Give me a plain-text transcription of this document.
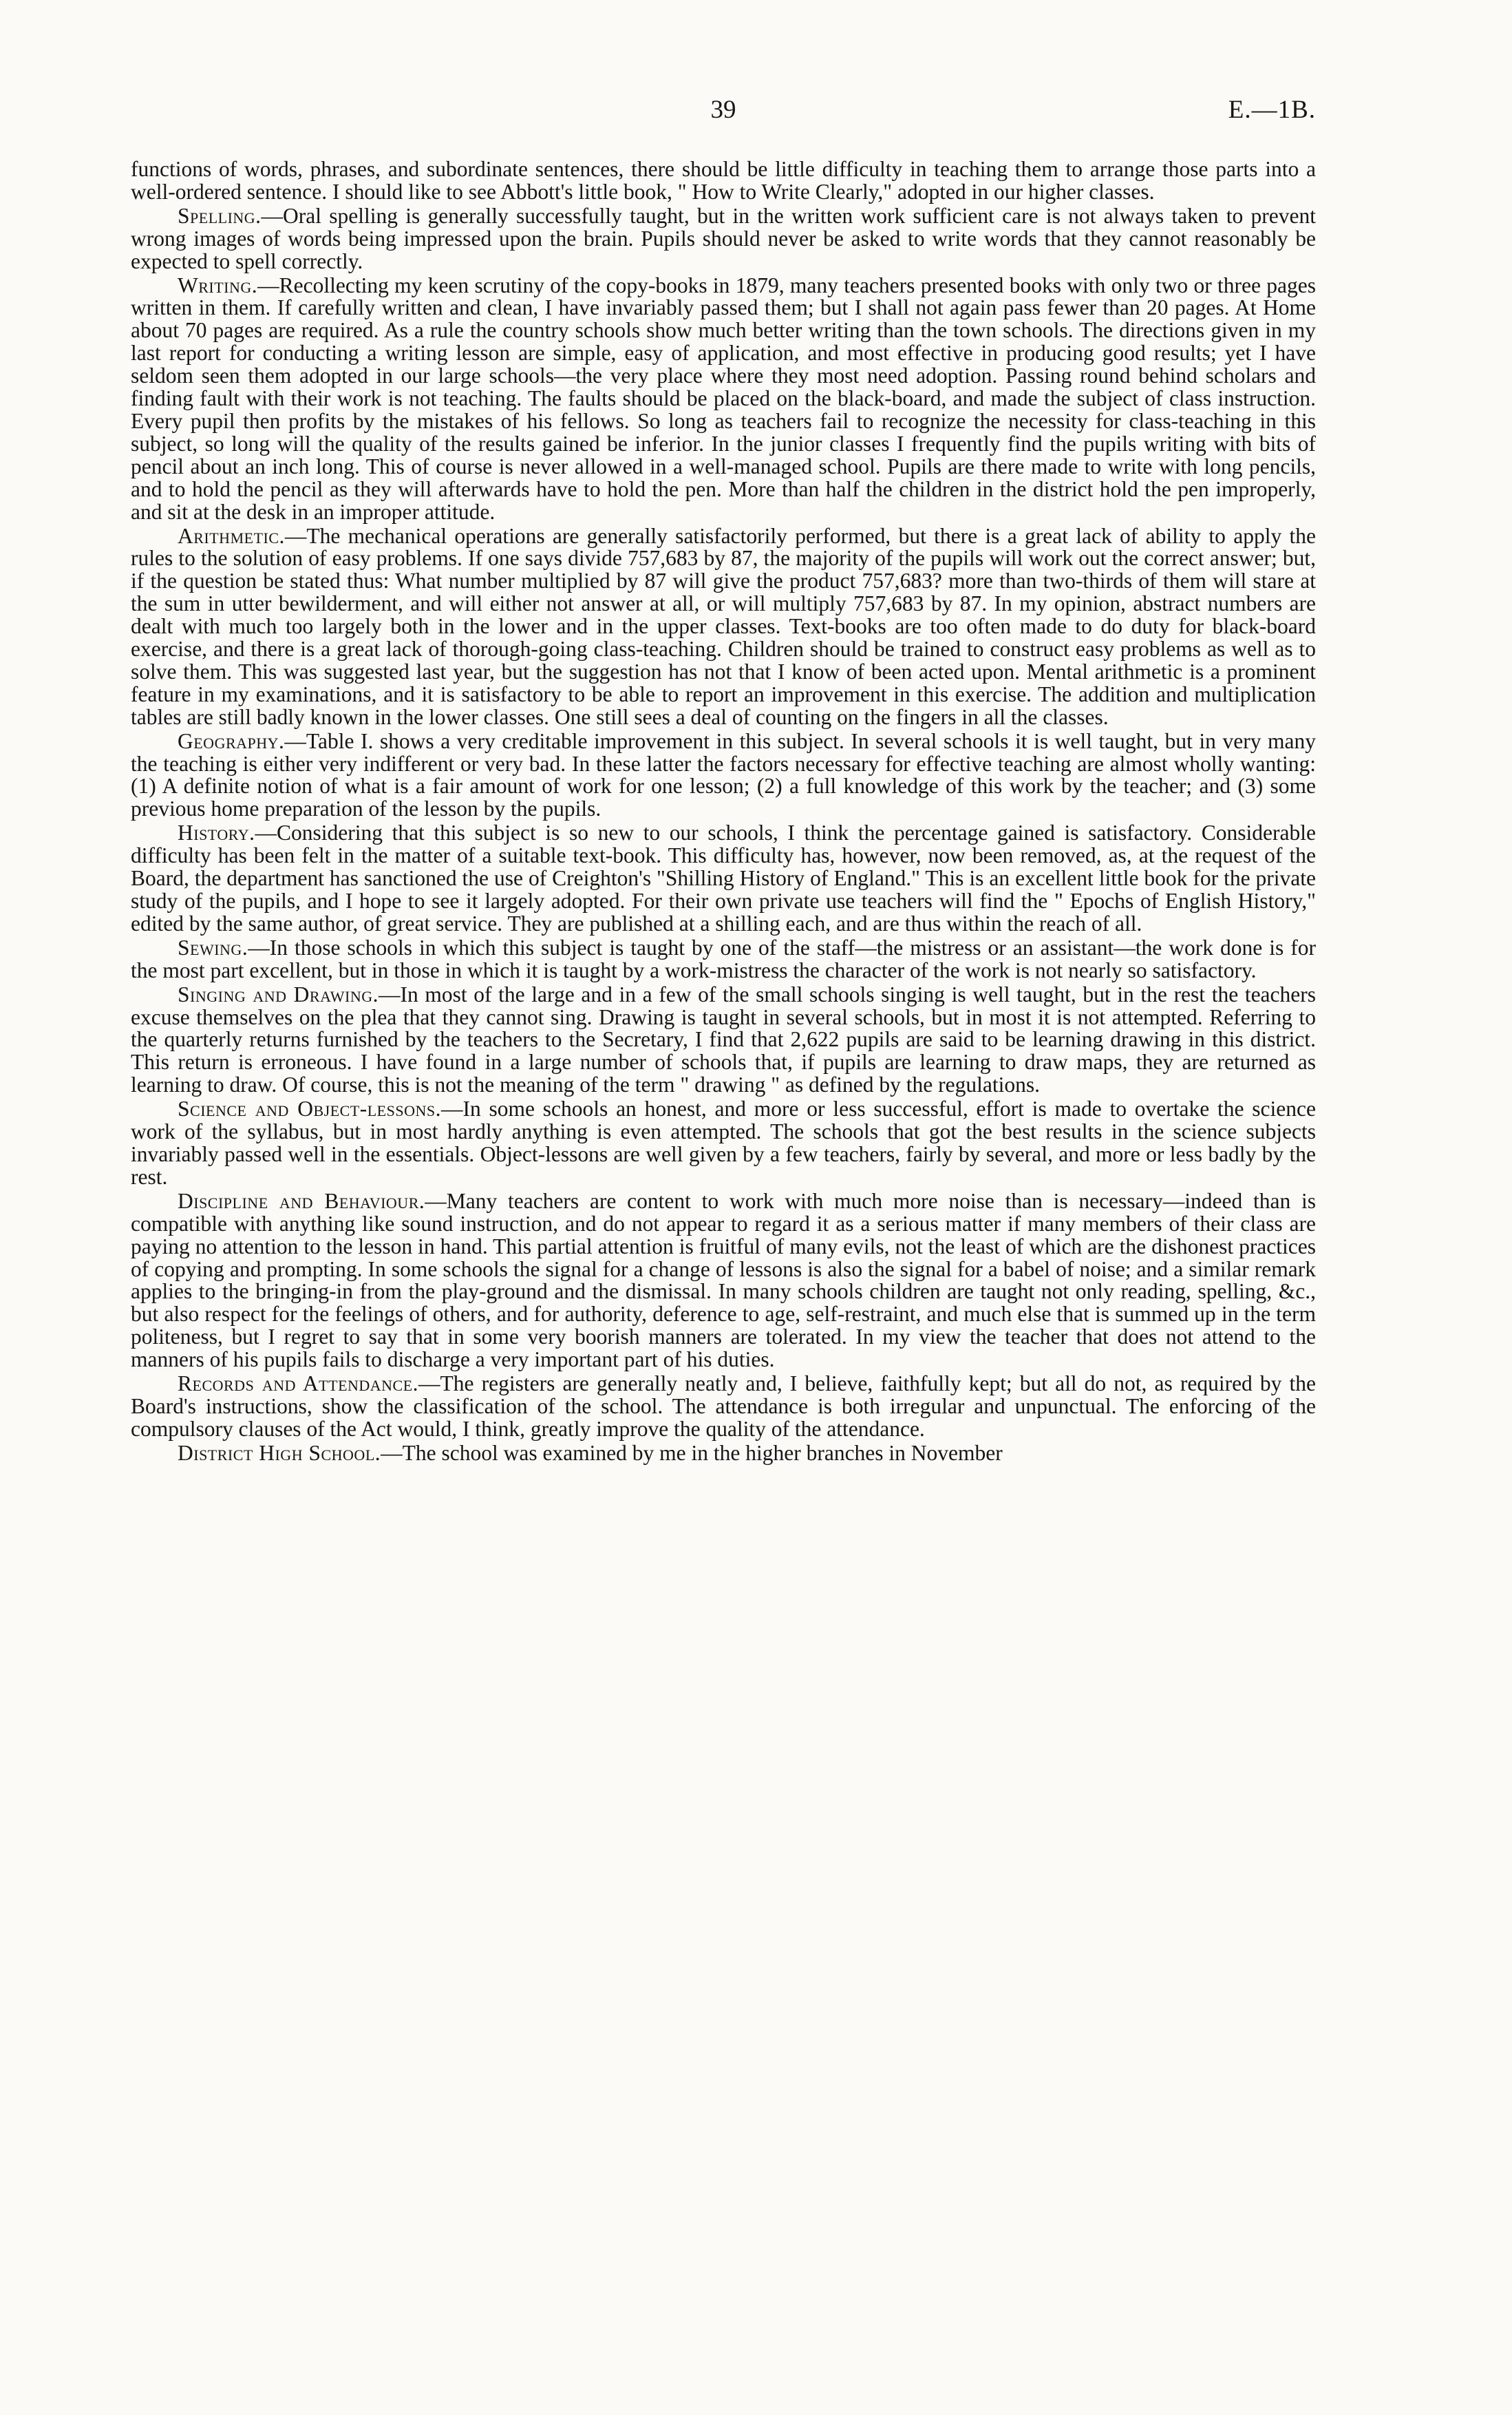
39	E.—1B.

functions of words, phrases, and subordinate sentences, there should be little difficulty in teaching them to arrange those parts into a well-ordered sentence. I should like to see Abbott's little book, " How to Write Clearly," adopted in our higher classes.

Spelling.—Oral spelling is generally successfully taught, but in the written work sufficient care is not always taken to prevent wrong images of words being impressed upon the brain. Pupils should never be asked to write words that they cannot reasonably be expected to spell correctly.

Writing.—Recollecting my keen scrutiny of the copy-books in 1879, many teachers presented books with only two or three pages written in them. If carefully written and clean, I have invariably passed them; but I shall not again pass fewer than 20 pages. At Home about 70 pages are required. As a rule the country schools show much better writing than the town schools. The directions given in my last report for conducting a writing lesson are simple, easy of application, and most effective in producing good results; yet I have seldom seen them adopted in our large schools—the very place where they most need adoption. Passing round behind scholars and finding fault with their work is not teaching. The faults should be placed on the black-board, and made the subject of class instruction. Every pupil then profits by the mistakes of his fellows. So long as teachers fail to recognize the necessity for class-teaching in this subject, so long will the quality of the results gained be inferior. In the junior classes I frequently find the pupils writing with bits of pencil about an inch long. This of course is never allowed in a well-managed school. Pupils are there made to write with long pencils, and to hold the pencil as they will afterwards have to hold the pen. More than half the children in the district hold the pen improperly, and sit at the desk in an improper attitude.

Arithmetic.—The mechanical operations are generally satisfactorily performed, but there is a great lack of ability to apply the rules to the solution of easy problems. If one says divide 757,683 by 87, the majority of the pupils will work out the correct answer; but, if the question be stated thus: What number multiplied by 87 will give the product 757,683? more than two-thirds of them will stare at the sum in utter bewilderment, and will either not answer at all, or will multiply 757,683 by 87. In my opinion, abstract numbers are dealt with much too largely both in the lower and in the upper classes. Text-books are too often made to do duty for black-board exercise, and there is a great lack of thorough-going class-teaching. Children should be trained to construct easy problems as well as to solve them. This was suggested last year, but the suggestion has not that I know of been acted upon. Mental arithmetic is a prominent feature in my examinations, and it is satisfactory to be able to report an improvement in this exercise. The addition and multiplication tables are still badly known in the lower classes. One still sees a deal of counting on the fingers in all the classes.

Geography.—Table I. shows a very creditable improvement in this subject. In several schools it is well taught, but in very many the teaching is either very indifferent or very bad. In these latter the factors necessary for effective teaching are almost wholly wanting: (1) A definite notion of what is a fair amount of work for one lesson; (2) a full knowledge of this work by the teacher; and (3) some previous home preparation of the lesson by the pupils.

History.—Considering that this subject is so new to our schools, I think the percentage gained is satisfactory. Considerable difficulty has been felt in the matter of a suitable text-book. This difficulty has, however, now been removed, as, at the request of the Board, the department has sanctioned the use of Creighton's "Shilling History of England." This is an excellent little book for the private study of the pupils, and I hope to see it largely adopted. For their own private use teachers will find the " Epochs of English History," edited by the same author, of great service. They are published at a shilling each, and are thus within the reach of all.

Sewing.—In those schools in which this subject is taught by one of the staff—the mistress or an assistant—the work done is for the most part excellent, but in those in which it is taught by a work-mistress the character of the work is not nearly so satisfactory.

Singing and Drawing.—In most of the large and in a few of the small schools singing is well taught, but in the rest the teachers excuse themselves on the plea that they cannot sing. Drawing is taught in several schools, but in most it is not attempted. Referring to the quarterly returns furnished by the teachers to the Secretary, I find that 2,622 pupils are said to be learning drawing in this district. This return is erroneous. I have found in a large number of schools that, if pupils are learning to draw maps, they are returned as learning to draw. Of course, this is not the meaning of the term " drawing " as defined by the regulations.

Science and Object-lessons.—In some schools an honest, and more or less successful, effort is made to overtake the science work of the syllabus, but in most hardly anything is even attempted. The schools that got the best results in the science subjects invariably passed well in the essentials. Object-lessons are well given by a few teachers, fairly by several, and more or less badly by the rest.

Discipline and Behaviour.—Many teachers are content to work with much more noise than is necessary—indeed than is compatible with anything like sound instruction, and do not appear to regard it as a serious matter if many members of their class are paying no attention to the lesson in hand. This partial attention is fruitful of many evils, not the least of which are the dishonest practices of copying and prompting. In some schools the signal for a change of lessons is also the signal for a babel of noise; and a similar remark applies to the bringing-in from the play-ground and the dismissal. In many schools children are taught not only reading, spelling, &c., but also respect for the feelings of others, and for authority, deference to age, self-restraint, and much else that is summed up in the term politeness, but I regret to say that in some very boorish manners are tolerated. In my view the teacher that does not attend to the manners of his pupils fails to discharge a very important part of his duties.

Records and Attendance.—The registers are generally neatly and, I believe, faithfully kept; but all do not, as required by the Board's instructions, show the classification of the school. The attendance is both irregular and unpunctual. The enforcing of the compulsory clauses of the Act would, I think, greatly improve the quality of the attendance.

District High School.—The school was examined by me in the higher branches in November
